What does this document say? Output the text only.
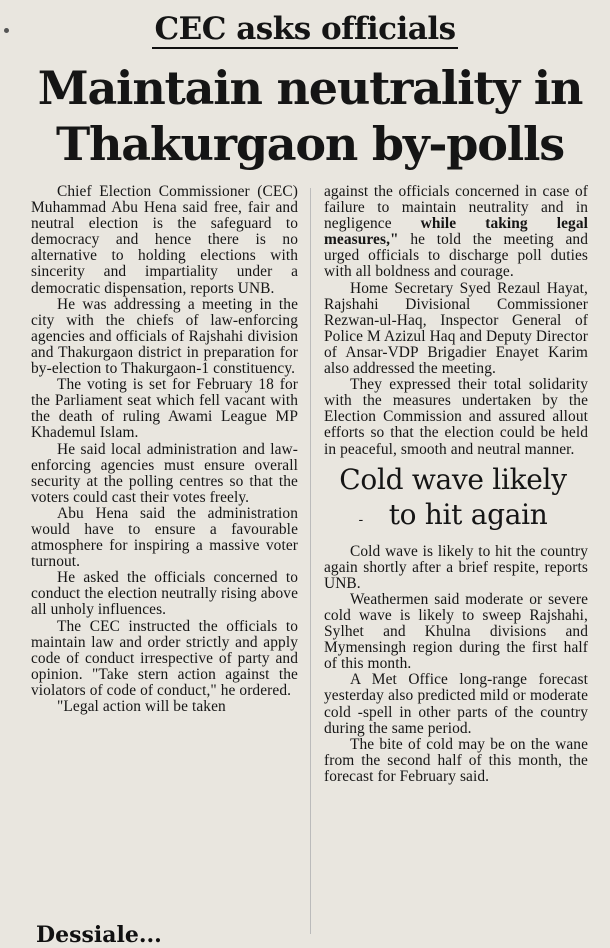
CEC asks officials
Maintain neutrality in
Thakurgaon by-polls

Chief Election Commissioner (CEC) Muhammad Abu Hena said free, fair and neutral election is the safeguard to democracy and hence there is no alternative to holding elections with sincerity and impartiality under a democratic dispensation, reports UNB.

He was addressing a meeting in the city with the chiefs of law-enforcing agencies and officials of Rajshahi division and Thakurgaon district in preparation for by-election to Thakurgaon-1 constituency.

The voting is set for February 18 for the Parliament seat which fell vacant with the death of ruling Awami League MP Khademul Islam.

He said local administration and law-enforcing agencies must ensure overall security at the polling centres so that the voters could cast their votes freely.

Abu Hena said the administration would have to ensure a favourable atmosphere for inspiring a massive voter turnout.

He asked the officials concerned to conduct the election neutrally rising above all unholy influences.

The CEC instructed the officials to maintain law and order strictly and apply code of conduct irrespective of party and opinion. "Take stern action against the violators of code of conduct," he ordered.

"Legal action will be taken

against the officials concerned in case of failure to maintain neutrality and in negligence while taking legal measures," he told the meeting and urged officials to discharge poll duties with all boldness and courage.

Home Secretary Syed Rezaul Hayat, Rajshahi Divisional Commissioner Rezwan-ul-Haq, Inspector General of Police M Azizul Haq and Deputy Director of Ansar-VDP Brigadier Enayet Karim also addressed the meeting.

They expressed their total solidarity with the measures undertaken by the Election Commission and assured allout efforts so that the election could be held in peaceful, smooth and neutral manner.

Cold wave likely
- to hit again

Cold wave is likely to hit the country again shortly after a brief respite, reports UNB.

Weathermen said moderate or severe cold wave is likely to sweep Rajshahi, Sylhet and Khulna divisions and Mymensingh region during the first half of this month.

A Met Office long-range forecast yesterday also predicted mild or moderate cold -spell in other parts of the country during the same period.

The bite of cold may be on the wane from the second half of this month, the forecast for February said.

Dessiale...
